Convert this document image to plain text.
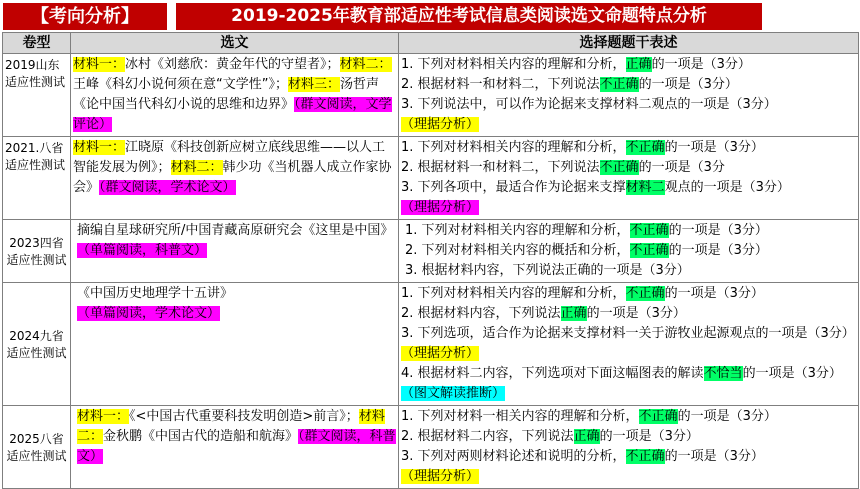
【考向分析】	2019-2025年教育部适应性考试信息类阅读选文命题特点分析
卷型	选文	选择题题干表述
2019山东适应性测试	材料一：冰村《刘慈欣：黄金年代的守望者》；材料二：王峰《科幻小说何须在意“文学性”》；材料三：汤哲声《论中国当代科幻小说的思维和边界》（群文阅读，文学评论）	1. 下列对材料相关内容的理解和分析，正确的一项是（3分）
2. 根据材料一和材料二，下列说法不正确的一项是（3分）
3. 下列说法中，可以作为论据来支撑材料二观点的一项是（3分）
（理据分析）

2021.八省适应性测试	材料一：江晓原《科技创新应树立底线思维——以人工智能发展为例》；材料二：韩少功《当机器人成立作家协会》（群文阅读，学术论文）	1. 下列对材料相关内容的理解和分析，不正确的一项是（3分）
2. 根据材料一和材料二，下列说法不正确的一项是（3分
3. 下列各项中，最适合作为论据来支撑材料二观点的一项是（3分）（理据分析）

2023四省适应性测试	摘编自星球研究所/中国青藏高原研究会《这里是中国》（单篇阅读，科普文）	1. 下列对材料相关内容的理解和分析，不正确的一项是（3分）
2. 下列对材料相关内容的概括和分析，不正确的一项是（3分）
3. 根据材料内容，下列说法正确的一项是（3分）

2024九省适应性测试	《中国历史地理学十五讲》
（单篇阅读，学术论文）	1. 下列对材料相关内容的理解和分析，不正确的一项是（3分）
2. 根据材料内容，下列说法正确的一项是（3分）
3. 下列选项，适合作为论据来支撑材料一关于游牧业起源观点的一项是（3分）（理据分析）
4. 根据材料二内容，下列选项对下面这幅图表的解读不恰当的一项是（3分）（图文解读推断）

2025八省适应性测试	材料一：《<中国古代重要科技发明创造>前言》；材料二：金秋鹏《中国古代的造船和航海》（群文阅读，科普文）	1. 下列对材料一相关内容的理解和分析，不正确的一项是（3分）
2. 根据材料二内容，下列说法正确的一项是（3分）
3. 下列对两则材料论述和说明的分析，不正确的一项是（3分）
（理据分析）
